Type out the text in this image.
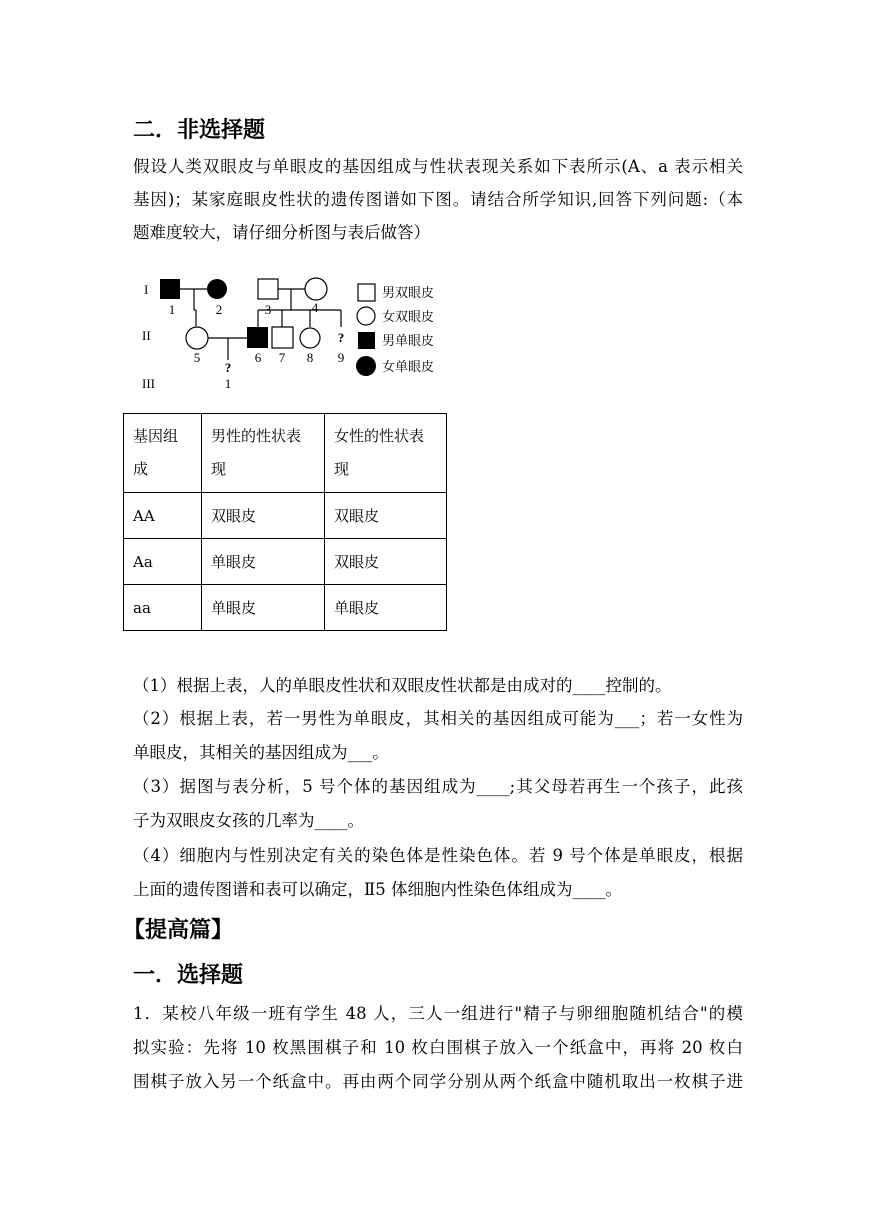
二．非选择题
假设人类双眼皮与单眼皮的基因组成与性状表现关系如下表所示(A、a 表示相关
基因)；某家庭眼皮性状的遗传图谱如下图。请结合所学知识,回答下列问题:（本
题难度较大，请仔细分析图与表后做答）
I
II
III
1	2	3	4
5	6 7 8 9
1
?
?
男双眼皮
女双眼皮
男单眼皮
女单眼皮
基因组成	男性的性状表现	女性的性状表现
AA	双眼皮	双眼皮
Aa	单眼皮	双眼皮
aa	单眼皮	单眼皮
（1）根据上表，人的单眼皮性状和双眼皮性状都是由成对的____控制的。
（2）根据上表，若一男性为单眼皮，其相关的基因组成可能为___；若一女性为
单眼皮，其相关的基因组成为___。
（3）据图与表分析，5 号个体的基因组成为____;其父母若再生一个孩子，此孩
子为双眼皮女孩的几率为____。
（4）细胞内与性别决定有关的染色体是性染色体。若 9 号个体是单眼皮，根据
上面的遗传图谱和表可以确定，Ⅱ5 体细胞内性染色体组成为____。
【提高篇】
一．选择题
1．某校八年级一班有学生 48 人，三人一组进行"精子与卵细胞随机结合"的模
拟实验：先将 10 枚黑围棋子和 10 枚白围棋子放入一个纸盒中，再将 20 枚白
围棋子放入另一个纸盒中。再由两个同学分别从两个纸盒中随机取出一枚棋子进
